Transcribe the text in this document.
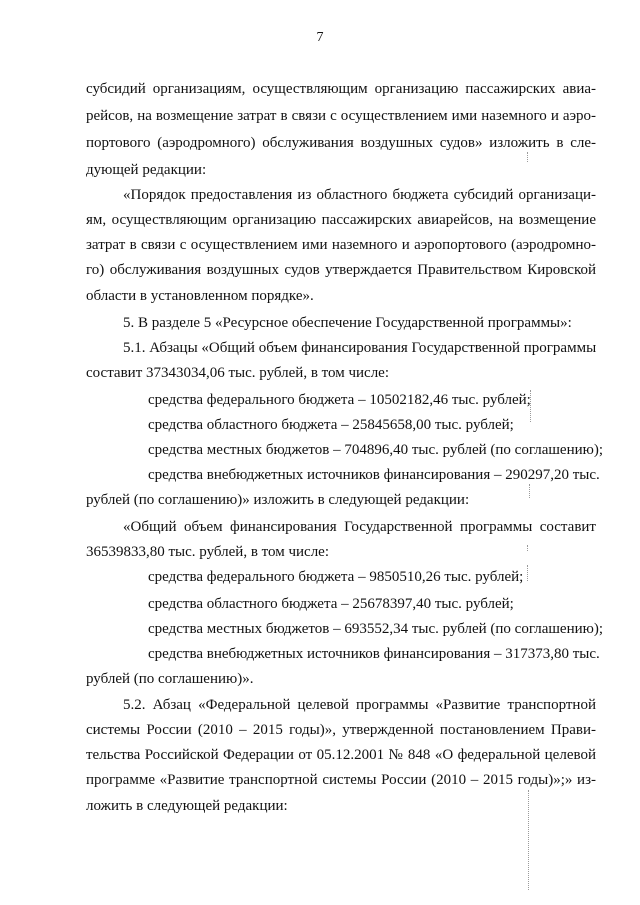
7
субсидий организациям, осуществляющим организацию пассажирских авиа-
рейсов, на возмещение затрат в связи с осуществлением ими наземного и аэро-
портового (аэродромного) обслуживания воздушных судов» изложить в сле-
дующей редакции:
«Порядок предоставления из областного бюджета субсидий организаци-
ям, осуществляющим организацию пассажирских авиарейсов, на возмещение
затрат в связи с осуществлением ими наземного и аэропортового (аэродромно-
го) обслуживания воздушных судов утверждается Правительством Кировской
области в установленном порядке».
5. В разделе 5 «Ресурсное обеспечение Государственной программы»:
5.1. Абзацы «Общий объем финансирования Государственной программы
составит 37343034,06 тыс. рублей, в том числе:
средства федерального бюджета – 10502182,46 тыс. рублей;
средства областного бюджета – 25845658,00 тыс. рублей;
средства местных бюджетов – 704896,40 тыс. рублей (по соглашению);
средства внебюджетных источников финансирования – 290297,20 тыс.
рублей (по соглашению)» изложить в следующей редакции:
«Общий объем финансирования Государственной программы составит
36539833,80 тыс. рублей, в том числе:
средства федерального бюджета – 9850510,26 тыс. рублей;
средства областного бюджета – 25678397,40 тыс. рублей;
средства местных бюджетов – 693552,34 тыс. рублей (по соглашению);
средства внебюджетных источников финансирования – 317373,80 тыс.
рублей (по соглашению)».
5.2. Абзац «Федеральной целевой программы «Развитие транспортной
системы России (2010 – 2015 годы)», утвержденной постановлением Прави-
тельства Российской Федерации от 05.12.2001 № 848 «О федеральной целевой
программе «Развитие транспортной системы России (2010 – 2015 годы)»;» из-
ложить в следующей редакции:
